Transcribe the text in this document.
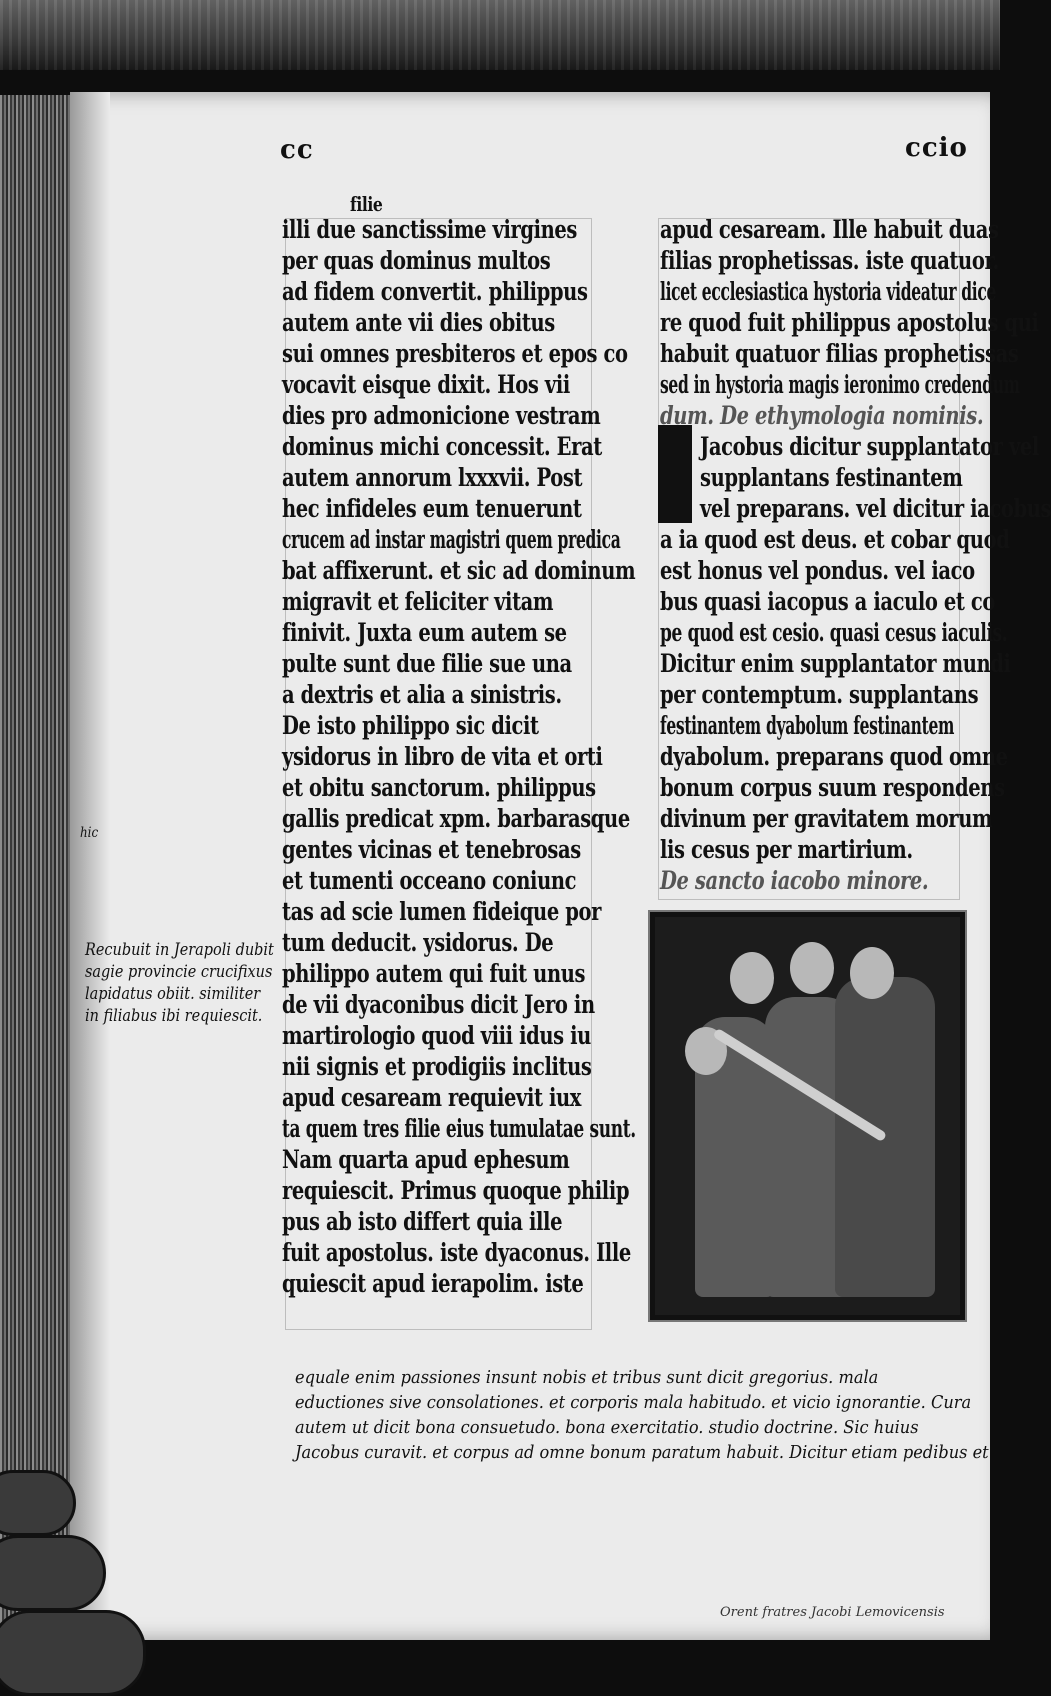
cc	ccio
filie
illi due sanctissime virgines
per quas dominus multos
ad fidem convertit. philippus
autem ante vii dies obitus
sui omnes presbiteros et epos co
vocavit eisque dixit. Hos vii
dies pro admonicione vestram
dominus michi concessit. Erat
autem annorum lxxxvii. Post
hec infideles eum tenuerunt
crucem ad instar magistri quem predica
bat affixerunt. et sic ad dominum
migravit et feliciter vitam
finivit. Juxta eum autem se
pulte sunt due filie sue una
a dextris et alia a sinistris.
De isto philippo sic dicit
ysidorus in libro de vita et orti
et obitu sanctorum. philippus
gallis predicat xpm. barbarasque
gentes vicinas et tenebrosas
et tumenti occeano coniunc
tas ad scie lumen fideique por
tum deducit. ysidorus. De
philippo autem qui fuit unus
de vii dyaconibus dicit Jero in
martirologio quod viii idus iu
nii signis et prodigiis inclitus
apud cesaream requievit iux
ta quem tres filie eius tumulatae sunt.
Nam quarta apud ephesum
requiescit. Primus quoque philip
pus ab isto differt quia ille
fuit apostolus. iste dyaconus. Ille
quiescit apud ierapolim. iste
apud cesaream. Ille habuit duas
filias prophetissas. iste quatuor.
licet ecclesiastica hystoria videatur dice
re quod fuit philippus apostolus qui
habuit quatuor filias prophetissas
sed in hystoria magis ieronimo credendum
dum. De ethymologia nominis.
Jacobus dicitur supplantator vel
supplantans festinantem
vel preparans. vel dicitur iacobus
a ia quod est deus. et cobar quod
est honus vel pondus. vel iaco
bus quasi iacopus a iaculo et co
pe quod est cesio. quasi cesus iaculis.
Dicitur enim supplantator mundi
per contemptum. supplantans
festinantem dyabolum festinantem
dyabolum. preparans quod omne
bonum corpus suum respondens
divinum per gravitatem morum
lis cesus per martirium.
De sancto iacobo minore.
hic
Recubuit in Jerapoli dubit
sagie provincie crucifixus
lapidatus obiit. similiter
in filiabus ibi requiescit.
equale enim passiones insunt nobis et tribus sunt dicit gregorius. mala
eductiones sive consolationes. et corporis mala habitudo. et vicio ignorantie. Cura
autem ut dicit bona consuetudo. bona exercitatio. studio doctrine. Sic huius
Jacobus curavit. et corpus ad omne bonum paratum habuit. Dicitur etiam pedibus et
Orent fratres Jacobi Lemovicensis
